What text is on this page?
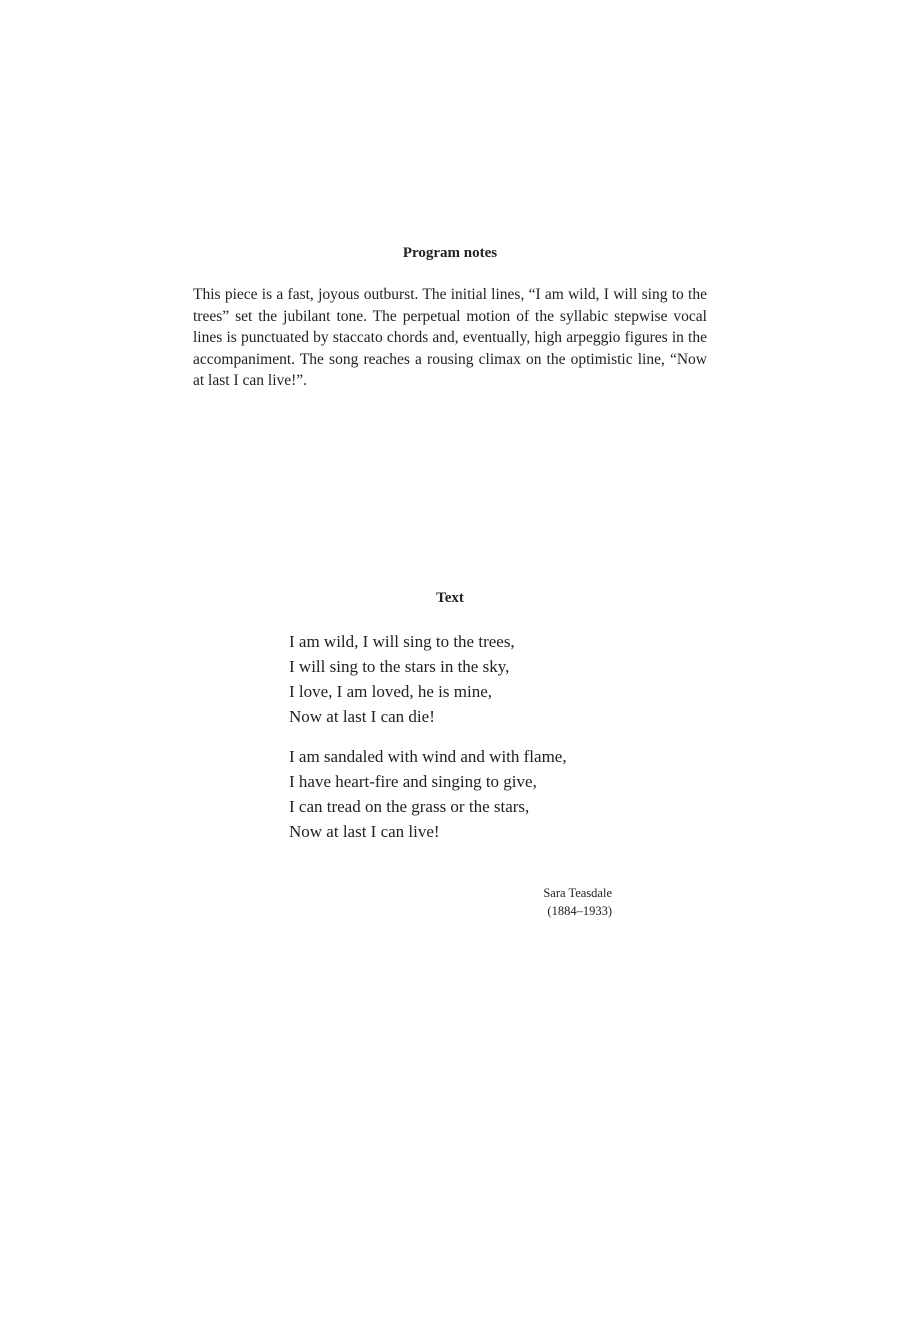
Program notes

This piece is a fast, joyous outburst. The initial lines, “I am wild, I will sing to the trees” set the jubilant tone. The perpetual motion of the syllabic stepwise vocal lines is punctuated by staccato chords and, eventually, high arpeggio figures in the accompaniment. The song reaches a rousing climax on the optimistic line, “Now at last I can live!”.

Text
I am wild, I will sing to the trees,
I will sing to the stars in the sky,
I love, I am loved, he is mine,
Now at last I can die!
I am sandaled with wind and with flame,
I have heart-fire and singing to give,
I can tread on the grass or the stars,
Now at last I can live!
Sara Teasdale
(1884–1933)
